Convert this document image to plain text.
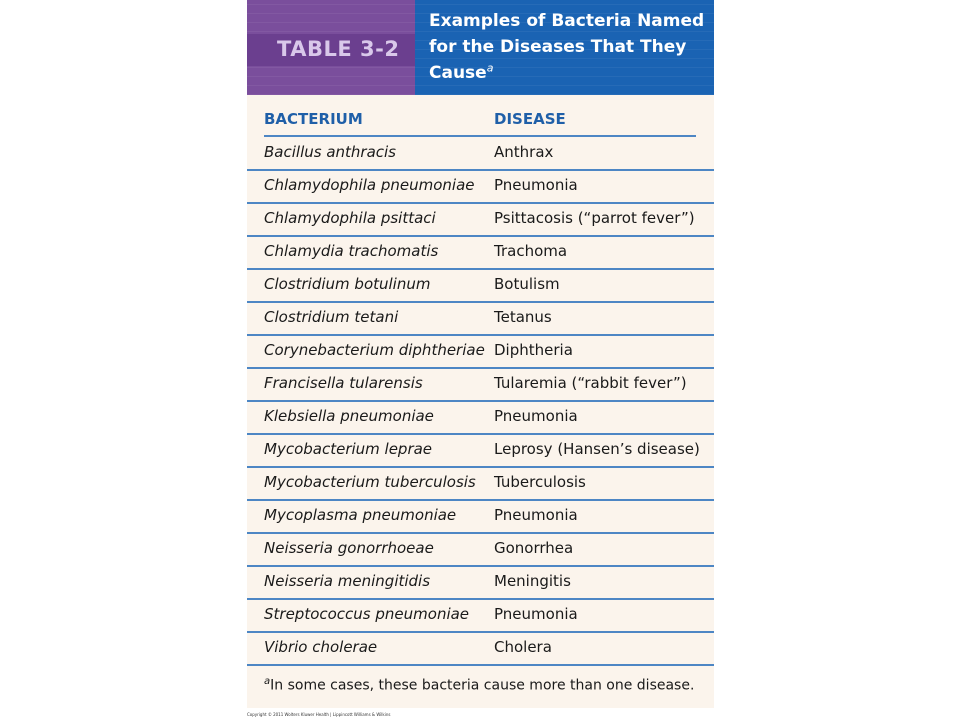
TABLE 3-2
Examples of Bacteria Named for the Diseases That They Cause$^a$
BACTERIUM	DISEASE
Bacillus anthracis	Anthrax
Chlamydophila pneumoniae Pneumonia
Chlamydophila psittaci	Psittacosis (“parrot fever”)
Chlamydia trachomatis	Trachoma
Clostridium botulinum	Botulism
Clostridium tetani	Tetanus
Corynebacterium diphtheriae Diphtheria
Francisella tularensis	Tularemia (“rabbit fever”)
Klebsiella pneumoniae	Pneumonia
Mycobacterium leprae	Leprosy (Hansen’s disease)
Mycobacterium tuberculosis Tuberculosis
Mycoplasma pneumoniae	Pneumonia
Neisseria gonorrhoeae	Gonorrhea
Neisseria meningitidis	Meningitis
Streptococcus pneumoniae Pneumonia
Vibrio cholerae	Cholera
$^a$In some cases, these bacteria cause more than one disease.
Copyright © 2011 Wolters Kluwer Health | Lippincott Williams & Wilkins
